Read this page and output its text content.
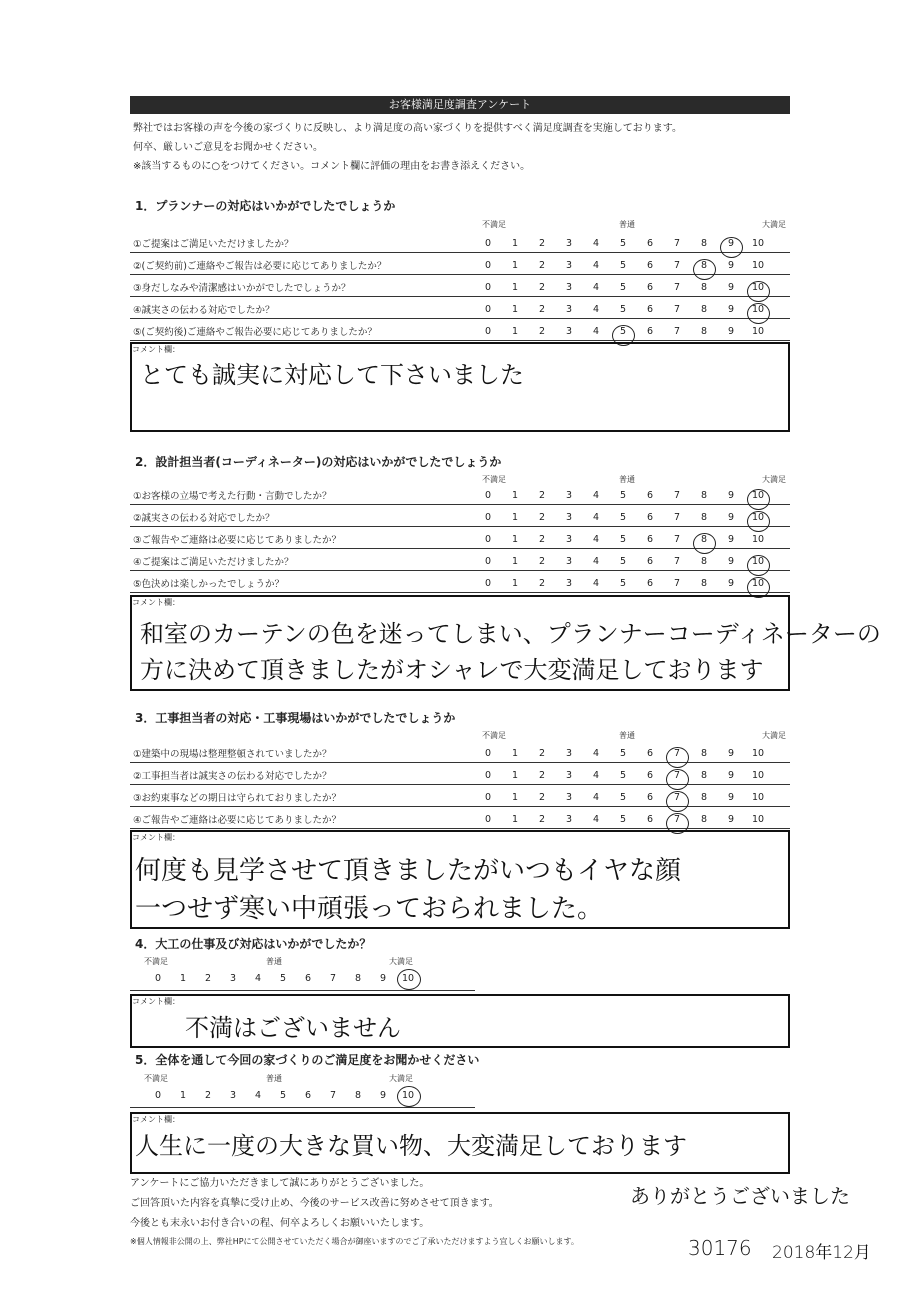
お客様満足度調査アンケート
弊社ではお客様の声を今後の家づくりに反映し、より満足度の高い家づくりを提供すべく満足度調査を実施しております。
何卒、厳しいご意見をお聞かせください。
※該当するものに○をつけてください。コメント欄に評価の理由をお書き添えください。
1．プランナーの対応はいかがでしたでしょうか
不満足	普通	大満足
①ご提案はご満足いただけましたか？	0	1	2	3	4	5	6	7	8	9	10
②(ご契約前)ご連絡やご報告は必要に応じてありましたか？	0	1	2	3	4	5	6	7	8	9	10
③身だしなみや清潔感はいかがでしたでしょうか？	0	1	2	3	4	5	6	7	8	9	10
④誠実さの伝わる対応でしたか？	0	1	2	3	4	5	6	7	8	9	10
⑤(ご契約後)ご連絡やご報告必要に応じてありましたか？	0	1	2	3	4	5	6	7	8	9	10
コメント欄：
とても誠実に対応して下さいました
2．設計担当者(コーディネーター)の対応はいかがでしたでしょうか
不満足	普通	大満足
①お客様の立場で考えた行動・言動でしたか？	0	1	2	3	4	5	6	7	8	9	10
②誠実さの伝わる対応でしたか？	0	1	2	3	4	5	6	7	8	9	10
③ご報告やご連絡は必要に応じてありましたか？	0	1	2	3	4	5	6	7	8	9	10
④ご提案はご満足いただけましたか？	0	1	2	3	4	5	6	7	8	9	10
⑤色決めは楽しかったでしょうか？	0	1	2	3	4	5	6	7	8	9	10
コメント欄：
和室のカーテンの色を迷ってしまい、プランナーコーディネーターの
方に決めて頂きましたがオシャレで大変満足しております
3．工事担当者の対応・工事現場はいかがでしたでしょうか
不満足	普通	大満足
①建築中の現場は整理整頓されていましたか？	0	1	2	3	4	5	6	7	8	9	10
②工事担当者は誠実さの伝わる対応でしたか？	0	1	2	3	4	5	6	7	8	9	10
③お約束事などの期日は守られておりましたか？	0	1	2	3	4	5	6	7	8	9	10
④ご報告やご連絡は必要に応じてありましたか？	0	1	2	3	4	5	6	7	8	9	10
コメント欄：
何度も見学させて頂きましたがいつもイヤな顔
一つせず寒い中頑張っておられました。
4．大工の仕事及び対応はいかがでしたか？
不満足	普通	大満足
0	1	2	3	4	5	6	7	8	9	10
コメント欄：
不満はございません
5．全体を通して今回の家づくりのご満足度をお聞かせください
不満足	普通	大満足
0	1	2	3	4	5	6	7	8	9	10
コメント欄：
人生に一度の大きな買い物、大変満足しております
アンケートにご協力いただきまして誠にありがとうございました。
ご回答頂いた内容を真摯に受け止め、今後のサービス改善に努めさせて頂きます。
今後とも末永いお付き合いの程、何卒よろしくお願いいたします。
※個人情報非公開の上、弊社HPにて公開させていただく場合が御座いますのでご了承いただけますよう宜しくお願いします。
ありがとうございました
30176 2018年12月
